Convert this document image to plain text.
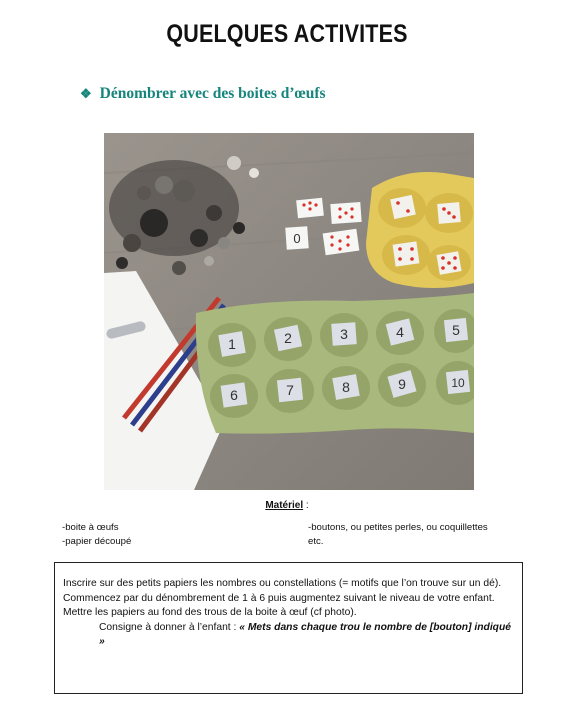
QUELQUES ACTIVITES
❖ Dénombrer avec des boites d’œufs
0
1	2	3	4	5
6	7	8	9	10
Matériel :
-boite à œufs
-papier découpé
-boutons, ou petites perles, ou coquillettes
etc.
Inscrire sur des petits papiers les nombres ou constellations (= motifs que l’on trouve sur un dé).
Commencez par du dénombrement de 1 à 6 puis augmentez suivant le niveau de votre enfant.
Mettre les papiers au fond des trous de la boite à œuf (cf photo).
Consigne à donner à l’enfant : « Mets dans chaque trou le nombre de [bouton] indiqué »
